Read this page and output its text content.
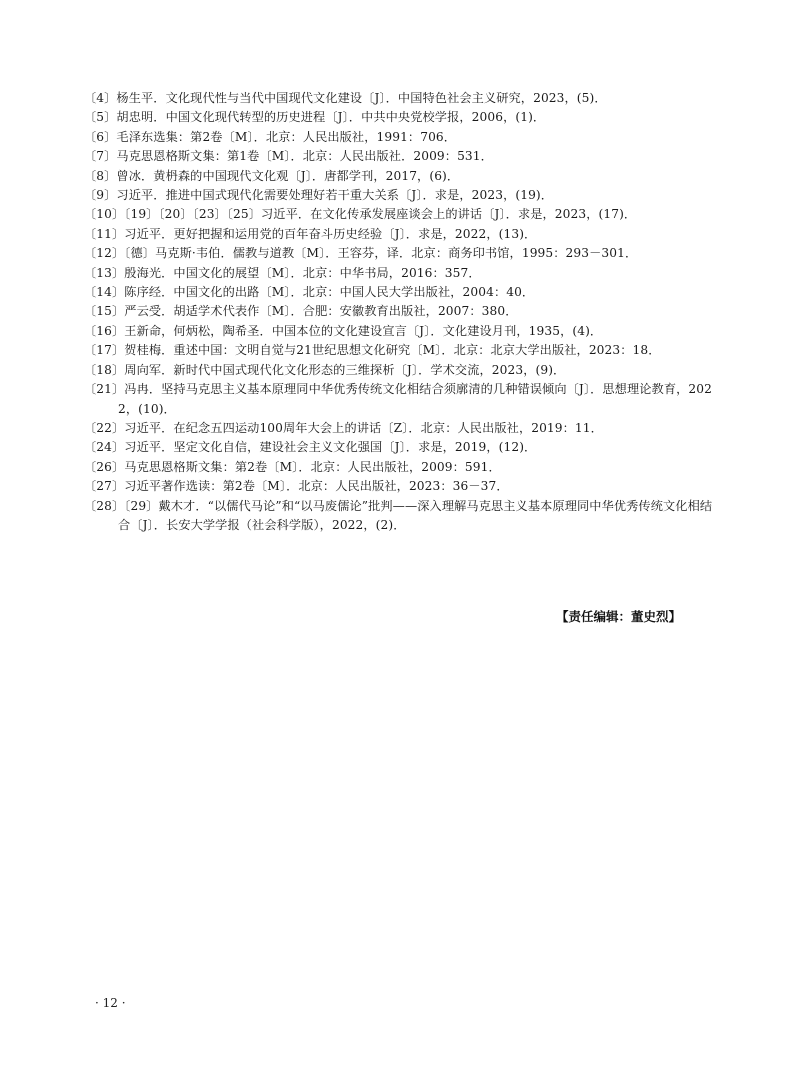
〔4〕杨生平．文化现代性与当代中国现代文化建设〔J〕．中国特色社会主义研究，2023，(5)．
〔5〕胡忠明．中国文化现代转型的历史进程〔J〕．中共中央党校学报，2006，(1)．
〔6〕毛泽东选集：第2卷〔M〕．北京：人民出版社，1991：706．
〔7〕马克思恩格斯文集：第1卷〔M〕．北京：人民出版社．2009：531．
〔8〕曾冰．黄枬森的中国现代文化观〔J〕．唐都学刊，2017，(6)．
〔9〕习近平．推进中国式现代化需要处理好若干重大关系〔J〕．求是，2023，(19)．
〔10〕〔19〕〔20〕〔23〕〔25〕习近平．在文化传承发展座谈会上的讲话〔J〕．求是，2023，(17)．
〔11〕习近平．更好把握和运用党的百年奋斗历史经验〔J〕．求是，2022，(13)．
〔12〕〔德〕马克斯·韦伯．儒教与道教〔M〕．王容芬，译．北京：商务印书馆，1995：293－301．
〔13〕殷海光．中国文化的展望〔M〕．北京：中华书局，2016：357．
〔14〕陈序经．中国文化的出路〔M〕．北京：中国人民大学出版社，2004：40．
〔15〕严云受．胡适学术代表作〔M〕．合肥：安徽教育出版社，2007：380．
〔16〕王新命，何炳松，陶希圣．中国本位的文化建设宣言〔J〕．文化建设月刊，1935，(4)．
〔17〕贺桂梅．重述中国：文明自觉与21世纪思想文化研究〔M〕．北京：北京大学出版社，2023：18．
〔18〕周向军．新时代中国式现代化文化形态的三维探析〔J〕．学术交流，2023，(9)．
〔21〕冯冉．坚持马克思主义基本原理同中华优秀传统文化相结合须廓清的几种错误倾向〔J〕．思想理论教育，2022，(10)．
〔22〕习近平．在纪念五四运动100周年大会上的讲话〔Z〕．北京：人民出版社，2019：11．
〔24〕习近平．坚定文化自信，建设社会主义文化强国〔J〕．求是，2019，(12)．
〔26〕马克思恩格斯文集：第2卷〔M〕．北京：人民出版社，2009：591．
〔27〕习近平著作选读：第2卷〔M〕．北京：人民出版社，2023：36－37．
〔28〕〔29〕戴木才．“以儒代马论”和“以马废儒论”批判——深入理解马克思主义基本原理同中华优秀传统文化相结合〔J〕．长安大学学报（社会科学版），2022，(2)．
【责任编辑：董史烈】
· 12 ·
